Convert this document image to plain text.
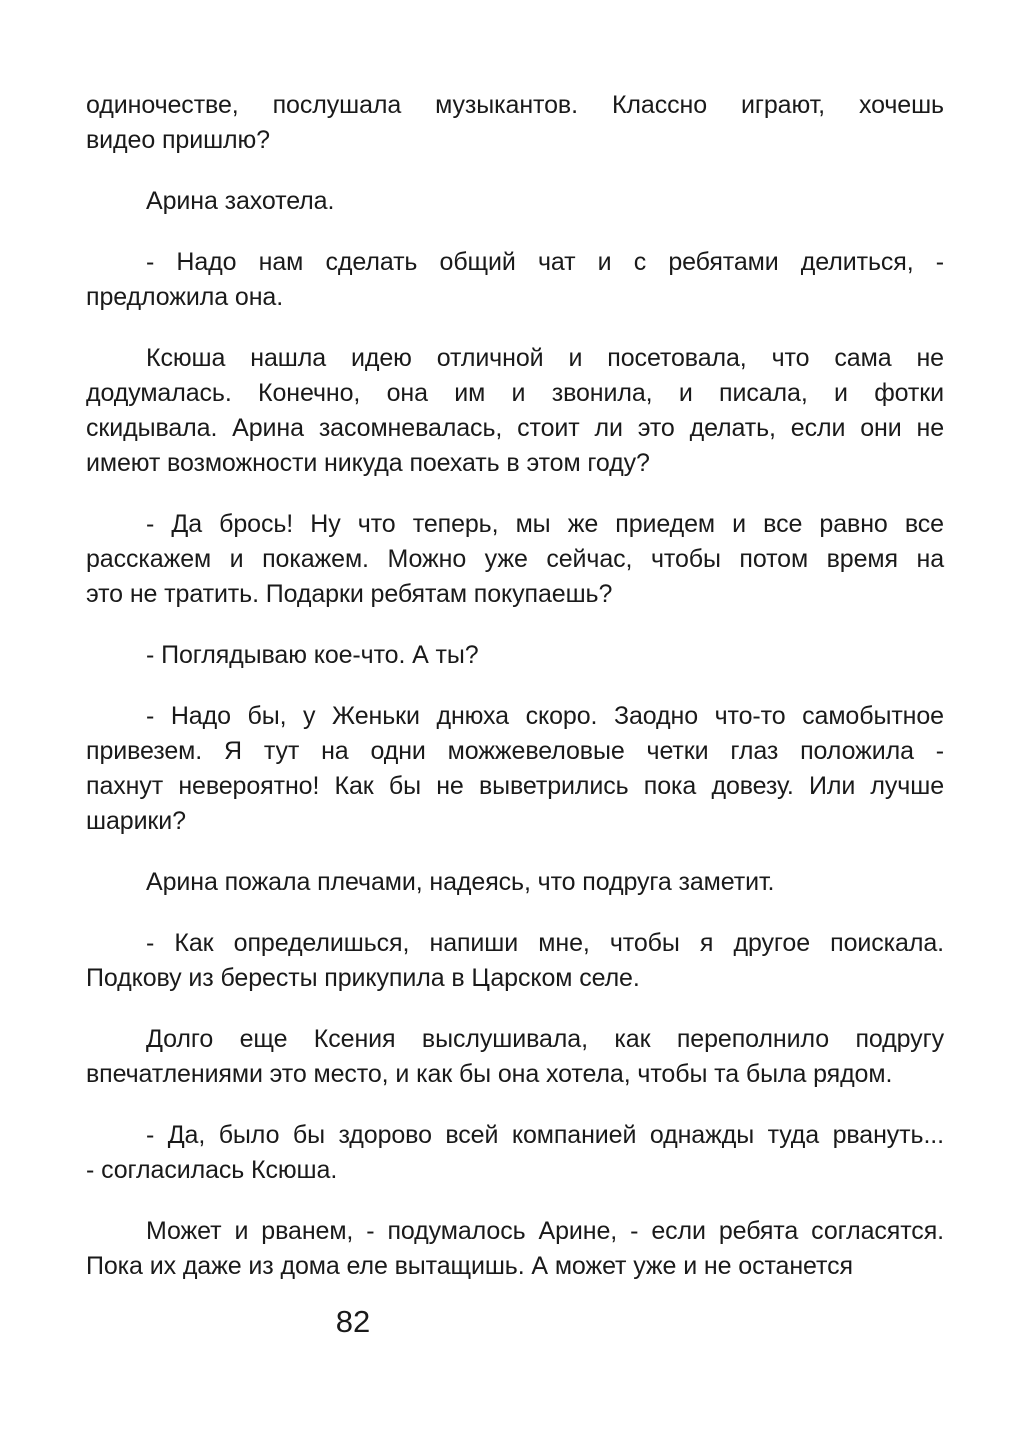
одиночестве, послушала музыкантов. Классно играют, хочешь
видео пришлю?
Арина захотела.
- Надо нам сделать общий чат и с ребятами делиться, -
предложила она.
Ксюша нашла идею отличной и посетовала, что сама не
додумалась. Конечно, она им и звонила, и писала, и фотки
скидывала. Арина засомневалась, стоит ли это делать, если они не
имеют возможности никуда поехать в этом году?
- Да брось! Ну что теперь, мы же приедем и все равно все
расскажем и покажем. Можно уже сейчас, чтобы потом время на
это не тратить. Подарки ребятам покупаешь?
- Поглядываю кое-что. А ты?
- Надо бы, у Женьки днюха скоро. Заодно что-то самобытное
привезем. Я тут на одни можжевеловые четки глаз положила -
пахнут невероятно! Как бы не выветрились пока довезу. Или лучше
шарики?
Арина пожала плечами, надеясь, что подруга заметит.
- Как определишься, напиши мне, чтобы я другое поискала.
Подкову из бересты прикупила в Царском селе.
Долго еще Ксения выслушивала, как переполнило подругу
впечатлениями это место, и как бы она хотела, чтобы та была рядом.
- Да, было бы здорово всей компанией однажды туда рвануть...
- согласилась Ксюша.
Может и рванем, - подумалось Арине, - если ребята согласятся.
Пока их даже из дома еле вытащишь. А может уже и не останется
82
